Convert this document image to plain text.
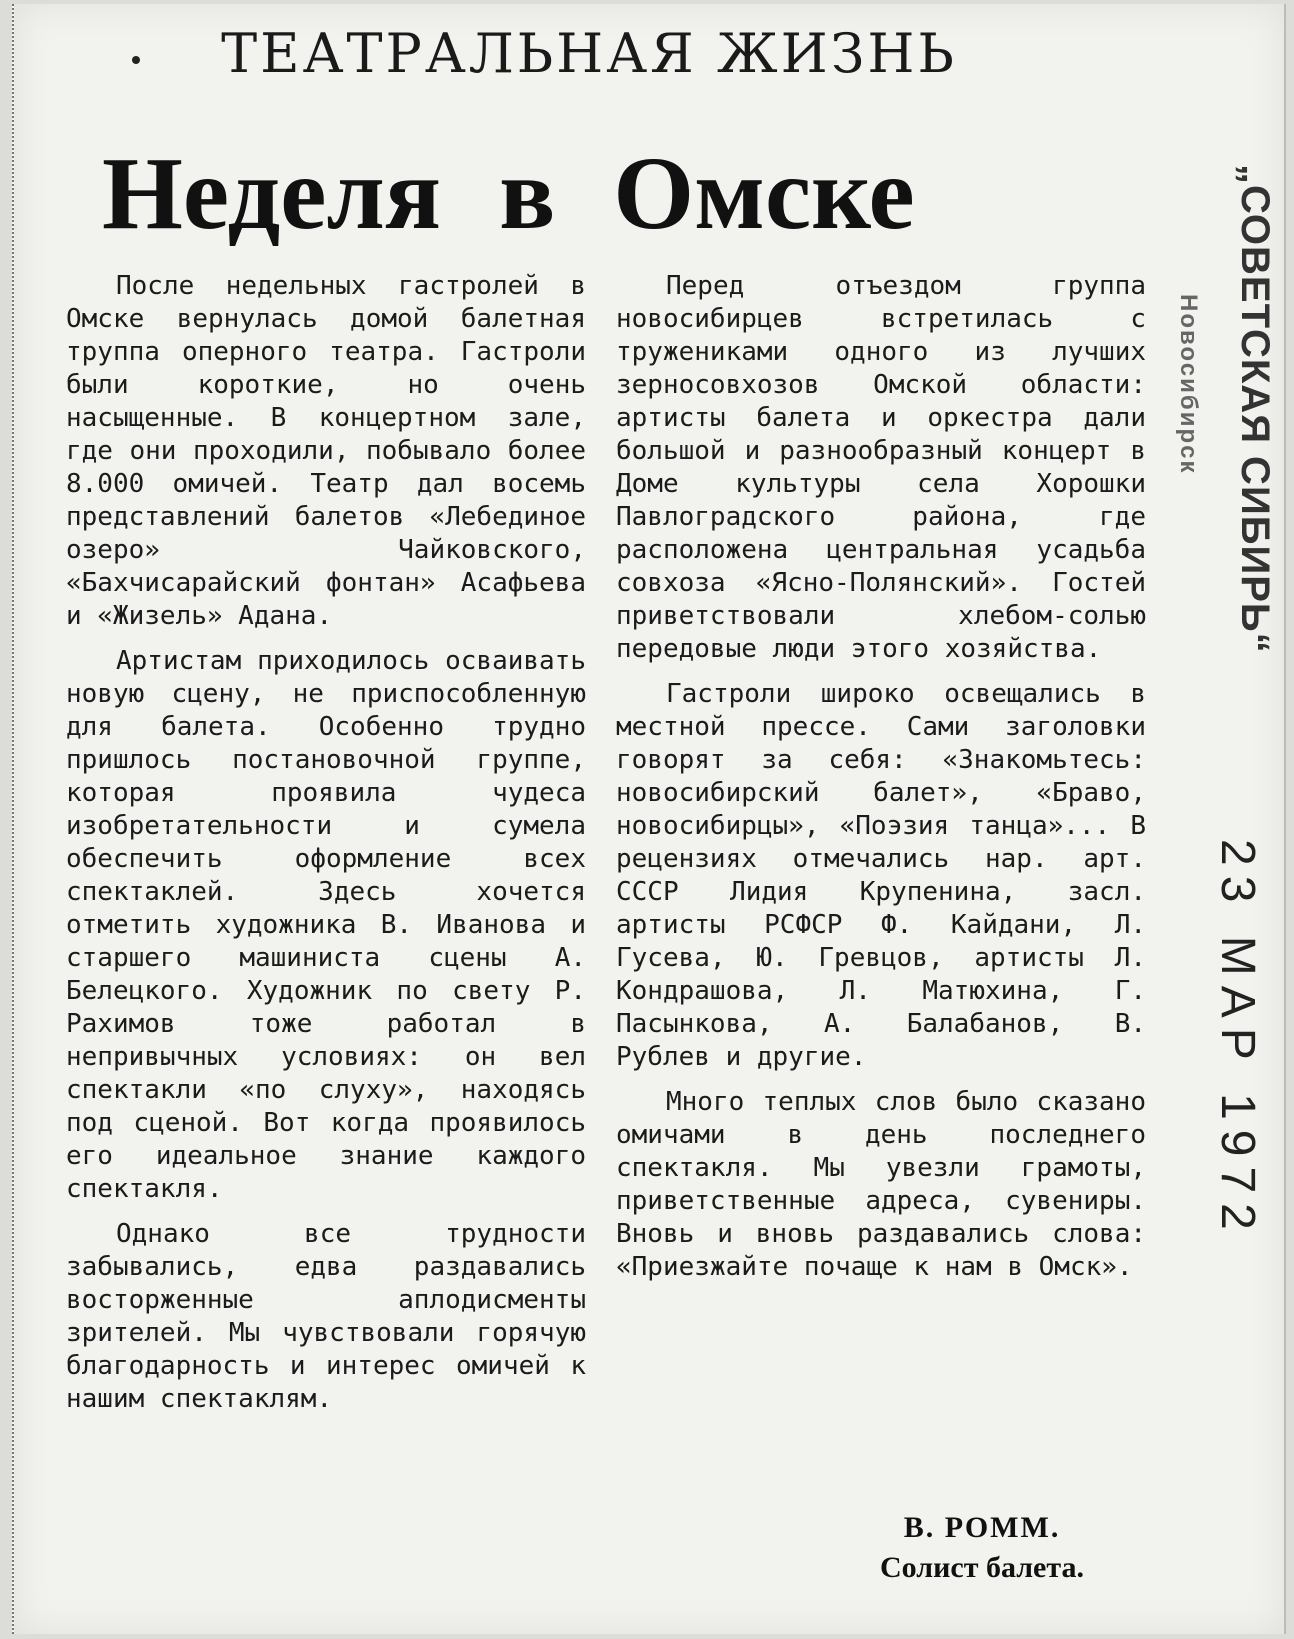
ТЕАТРАЛЬНАЯ ЖИЗНЬ
Неделя в Омске

После недельных гастролей в Омске вернулась домой балетная труппа оперного театра. Гастроли были короткие, но очень насыщенные. В концертном зале, где они проходили, побывало более 8.000 омичей. Театр дал восемь представлений балетов «Лебединое озеро» Чайковского, «Бахчисарайский фонтан» Асафьева и «Жизель» Адана.

Артистам приходилось осваивать новую сцену, не приспособленную для балета. Особенно трудно пришлось постановочной группе, которая проявила чудеса изобретательности и сумела обеспечить оформление всех спектаклей. Здесь хочется отметить художника В. Иванова и старшего машиниста сцены А. Белецкого. Художник по свету Р. Рахимов тоже работал в непривычных условиях: он вел спектакли «по слуху», находясь под сценой. Вот когда проявилось его идеальное знание каждого спектакля.

Однако все трудности забывались, едва раздавались восторженные аплодисменты зрителей. Мы чувствовали горячую благодарность и интерес омичей к нашим спектаклям.

Перед отъездом группа новосибирцев встретилась с тружениками одного из лучших зерносовхозов Омской области: артисты балета и оркестра дали большой и разнообразный концерт в Доме культуры села Хорошки Павлоградского района, где расположена центральная усадьба совхоза «Ясно-Полянский». Гостей приветствовали хлебом-солью передовые люди этого хозяйства.

Гастроли широко освещались в местной прессе. Сами заголовки говорят за себя: «Знакомьтесь: новосибирский балет», «Браво, новосибирцы», «Поэзия танца»... В рецензиях отмечались нар. арт. СССР Лидия Крупенина, засл. артисты РСФСР Ф. Кайдани, Л. Гусева, Ю. Гревцов, артисты Л. Кондрашова, Л. Матюхина, Г. Пасынкова, А. Балабанов, В. Рублев и другие.

Много теплых слов было сказано омичами в день последнего спектакля. Мы увезли грамоты, приветственные адреса, сувениры. Вновь и вновь раздавались слова: «Приезжайте почаще к нам в Омск».

В. РОММ.
Солист балета.
Новосибирск „СОВЕТСКАЯ СИБИРЬ“
23 МАР 1972
